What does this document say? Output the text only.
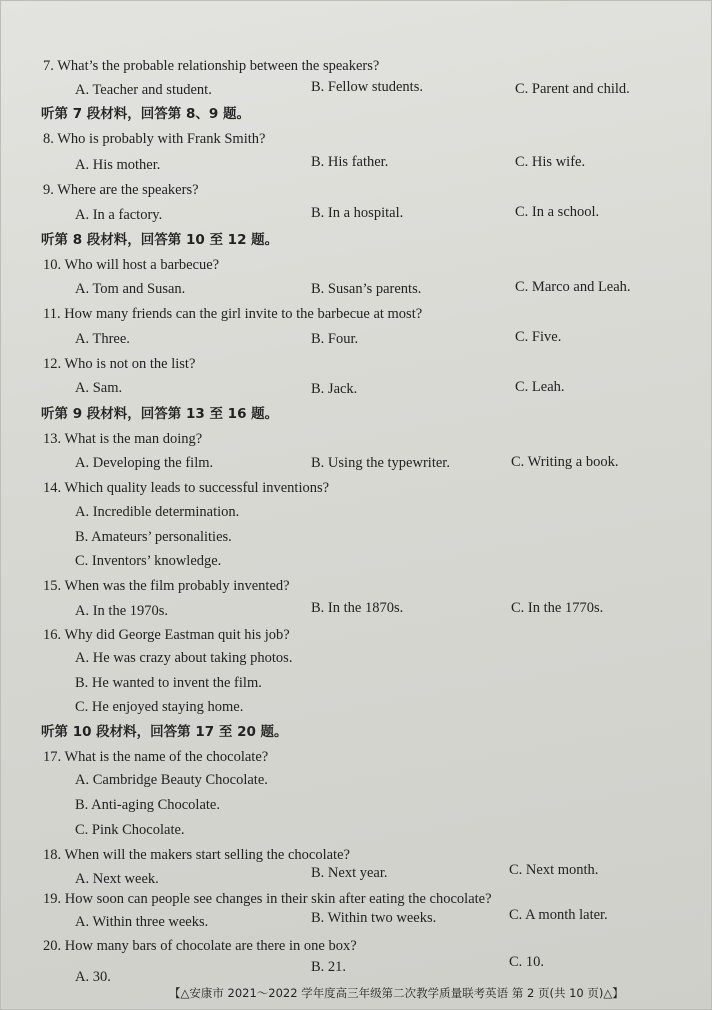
7. What’s the probable relationship between the speakers?
A. Teacher and student.	B. Fellow students.	C. Parent and child.
听第 7 段材料，回答第 8、9 题。
8. Who is probably with Frank Smith?
A. His mother.	B. His father.	C. His wife.
9. Where are the speakers?
A. In a factory.	B. In a hospital.	C. In a school.
听第 8 段材料，回答第 10 至 12 题。
10. Who will host a barbecue?
A. Tom and Susan.	B. Susan’s parents.	C. Marco and Leah.
11. How many friends can the girl invite to the barbecue at most?
A. Three.	B. Four.	C. Five.
12. Who is not on the list?
A. Sam.	B. Jack.	C. Leah.
听第 9 段材料，回答第 13 至 16 题。
13. What is the man doing?
A. Developing the film.	B. Using the typewriter.	C. Writing a book.
14. Which quality leads to successful inventions?
A. Incredible determination.
B. Amateurs’ personalities.
C. Inventors’ knowledge.
15. When was the film probably invented?
A. In the 1970s.	B. In the 1870s.	C. In the 1770s.
16. Why did George Eastman quit his job?
A. He was crazy about taking photos.
B. He wanted to invent the film.
C. He enjoyed staying home.
听第 10 段材料，回答第 17 至 20 题。
17. What is the name of the chocolate?
A. Cambridge Beauty Chocolate.
B. Anti-aging Chocolate.
C. Pink Chocolate.
18. When will the makers start selling the chocolate?
A. Next week.	B. Next year.	C. Next month.
19. How soon can people see changes in their skin after eating the chocolate?
A. Within three weeks.	B. Within two weeks.	C. A month later.
20. How many bars of chocolate are there in one box?
A. 30.
B. 21.	C. 10.
【△安康市 2021～2022 学年度高三年级第二次教学质量联考英语 第 2 页(共 10 页)△】
